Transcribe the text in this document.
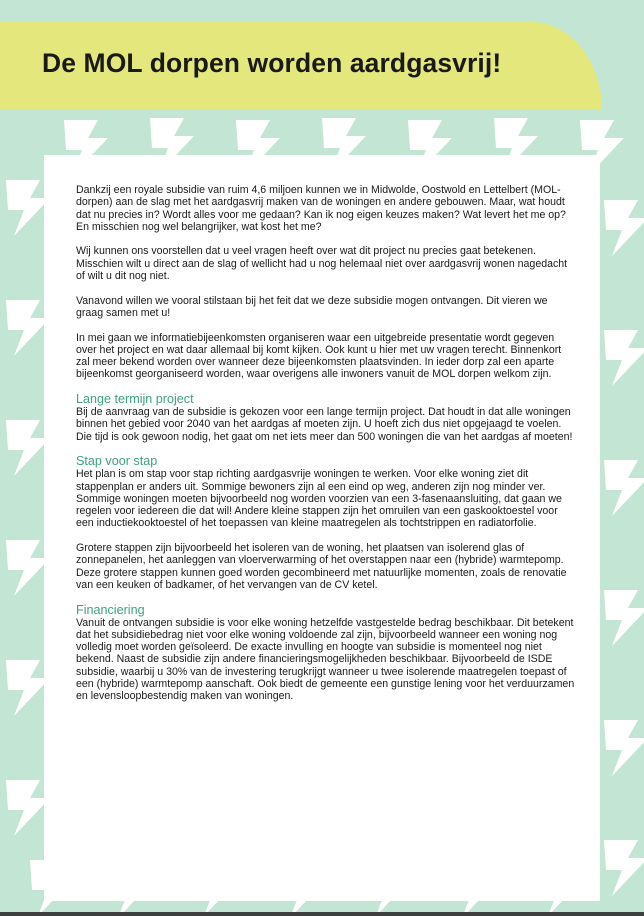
De MOL dorpen worden aardgasvrij!

Dankzij een royale subsidie van ruim 4,6 miljoen kunnen we in Midwolde, Oostwold en Lettelbert (MOL-dorpen) aan de slag met het aardgasvrij maken van de woningen en andere gebouwen. Maar, wat houdt dat nu precies in? Wordt alles voor me gedaan? Kan ik nog eigen keuzes maken? Wat levert het me op? En misschien nog wel belangrijker, wat kost het me?

Wij kunnen ons voorstellen dat u veel vragen heeft over wat dit project nu precies gaat betekenen. Misschien wilt u direct aan de slag of wellicht had u nog helemaal niet over aardgasvrij wonen nagedacht of wilt u dit nog niet.

Vanavond willen we vooral stilstaan bij het feit dat we deze subsidie mogen ontvangen. Dit vieren we graag samen met u!

In mei gaan we informatiebijeenkomsten organiseren waar een uitgebreide presentatie wordt gegeven over het project en wat daar allemaal bij komt kijken. Ook kunt u hier met uw vragen terecht. Binnenkort zal meer bekend worden over wanneer deze bijeenkomsten plaatsvinden. In ieder dorp zal een aparte bijeenkomst georganiseerd worden, waar overigens alle inwoners vanuit de MOL dorpen welkom zijn.

Lange termijn project

Bij de aanvraag van de subsidie is gekozen voor een lange termijn project. Dat houdt in dat alle woningen binnen het gebied voor 2040 van het aardgas af moeten zijn. U hoeft zich dus niet opgejaagd te voelen. Die tijd is ook gewoon nodig, het gaat om net iets meer dan 500 woningen die van het aardgas af moeten!

Stap voor stap

Het plan is om stap voor stap richting aardgasvrije woningen te werken. Voor elke woning ziet dit stappenplan er anders uit. Sommige bewoners zijn al een eind op weg, anderen zijn nog minder ver. Sommige woningen moeten bijvoorbeeld nog worden voorzien van een 3-fasenaansluiting, dat gaan we regelen voor iedereen die dat wil! Andere kleine stappen zijn het omruilen van een gaskooktoestel voor een inductiekooktoestel of het toepassen van kleine maatregelen als tochtstrippen en radiatorfolie.

Grotere stappen zijn bijvoorbeeld het isoleren van de woning, het plaatsen van isolerend glas of zonnepanelen, het aanleggen van vloerverwarming of het overstappen naar een (hybride) warmtepomp. Deze grotere stappen kunnen goed worden gecombineerd met natuurlijke momenten, zoals de renovatie van een keuken of badkamer, of het vervangen van de CV ketel.

Financiering

Vanuit de ontvangen subsidie is voor elke woning hetzelfde vastgestelde bedrag beschikbaar. Dit betekent dat het subsidiebedrag niet voor elke woning voldoende zal zijn, bijvoorbeeld wanneer een woning nog volledig moet worden geïsoleerd. De exacte invulling en hoogte van subsidie is momenteel nog niet bekend. Naast de subsidie zijn andere financieringsmogelijkheden beschikbaar. Bijvoorbeeld de ISDE subsidie, waarbij u 30% van de investering terugkrijgt wanneer u twee isolerende maatregelen toepast of een (hybride) warmtepomp aanschaft. Ook biedt de gemeente een gunstige lening voor het verduurzamen en levensloopbestendig maken van woningen.
